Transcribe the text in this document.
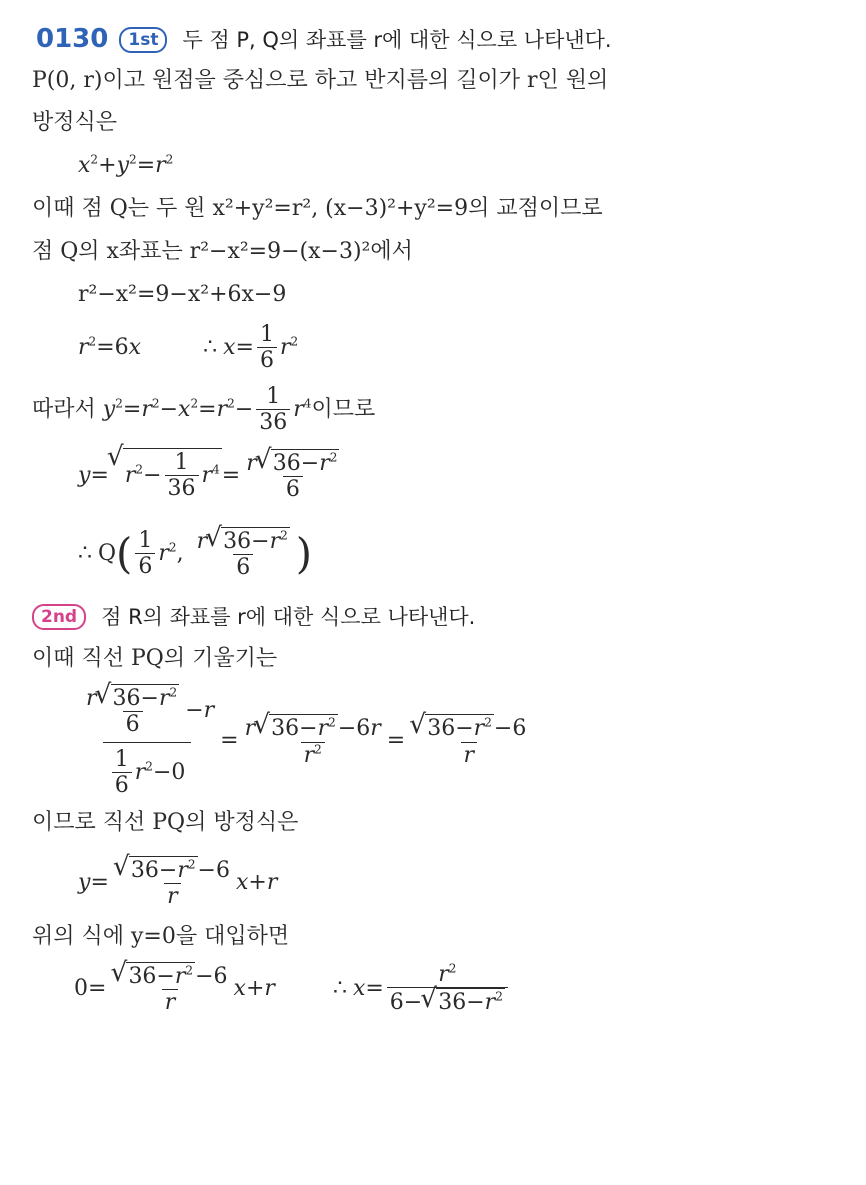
0130 1st 두 점 P, Q의 좌표를 r에 대한 식으로 나타낸다.
P(0, r)이고 원점을 중심으로 하고 반지름의 길이가 r인 원의
방정식은
$x^2+y^2=r^2$
이때 점 Q는 두 원 x²+y²=r², (x−3)²+y²=9의 교점이므로
점 Q의 x좌표는 r²−x²=9−(x−3)²에서
r²−x²=9−x²+6x−9
$r^2=6x$	∴ $x= \frac{1}{6} r^2$
따라서 $y^2=r^2-x^2=r^2- \frac{1}{36} r^4$이므로
y= √ $r^2- \frac{1}{36} r^4= \frac{r √ 36-r^2}{6}$
∴ $Q( \frac{1}{6} r^2$, $\frac{r √ 36-r^2}{6}$ )
2nd 점 R의 좌표를 r에 대한 식으로 나타낸다.
이때 직선 PQ의 기울기는
$\frac{\frac{r √ 36-r^2}{6} -r}{\frac{1}{6} r^2-0} = \frac{r √ 36-r^2-6r}{r^2}$ = √ $\frac{36-r^2-6}{r}$
이므로 직선 PQ의 방정식은
y= √ $\frac{36-r^2-6}{r} x+r$
위의 식에 y=0을 대입하면
0= √ $\frac{36-r^2-6}{r} x+r$	∴ $x= \frac{r^2}{6- √ 36-r^2}$
